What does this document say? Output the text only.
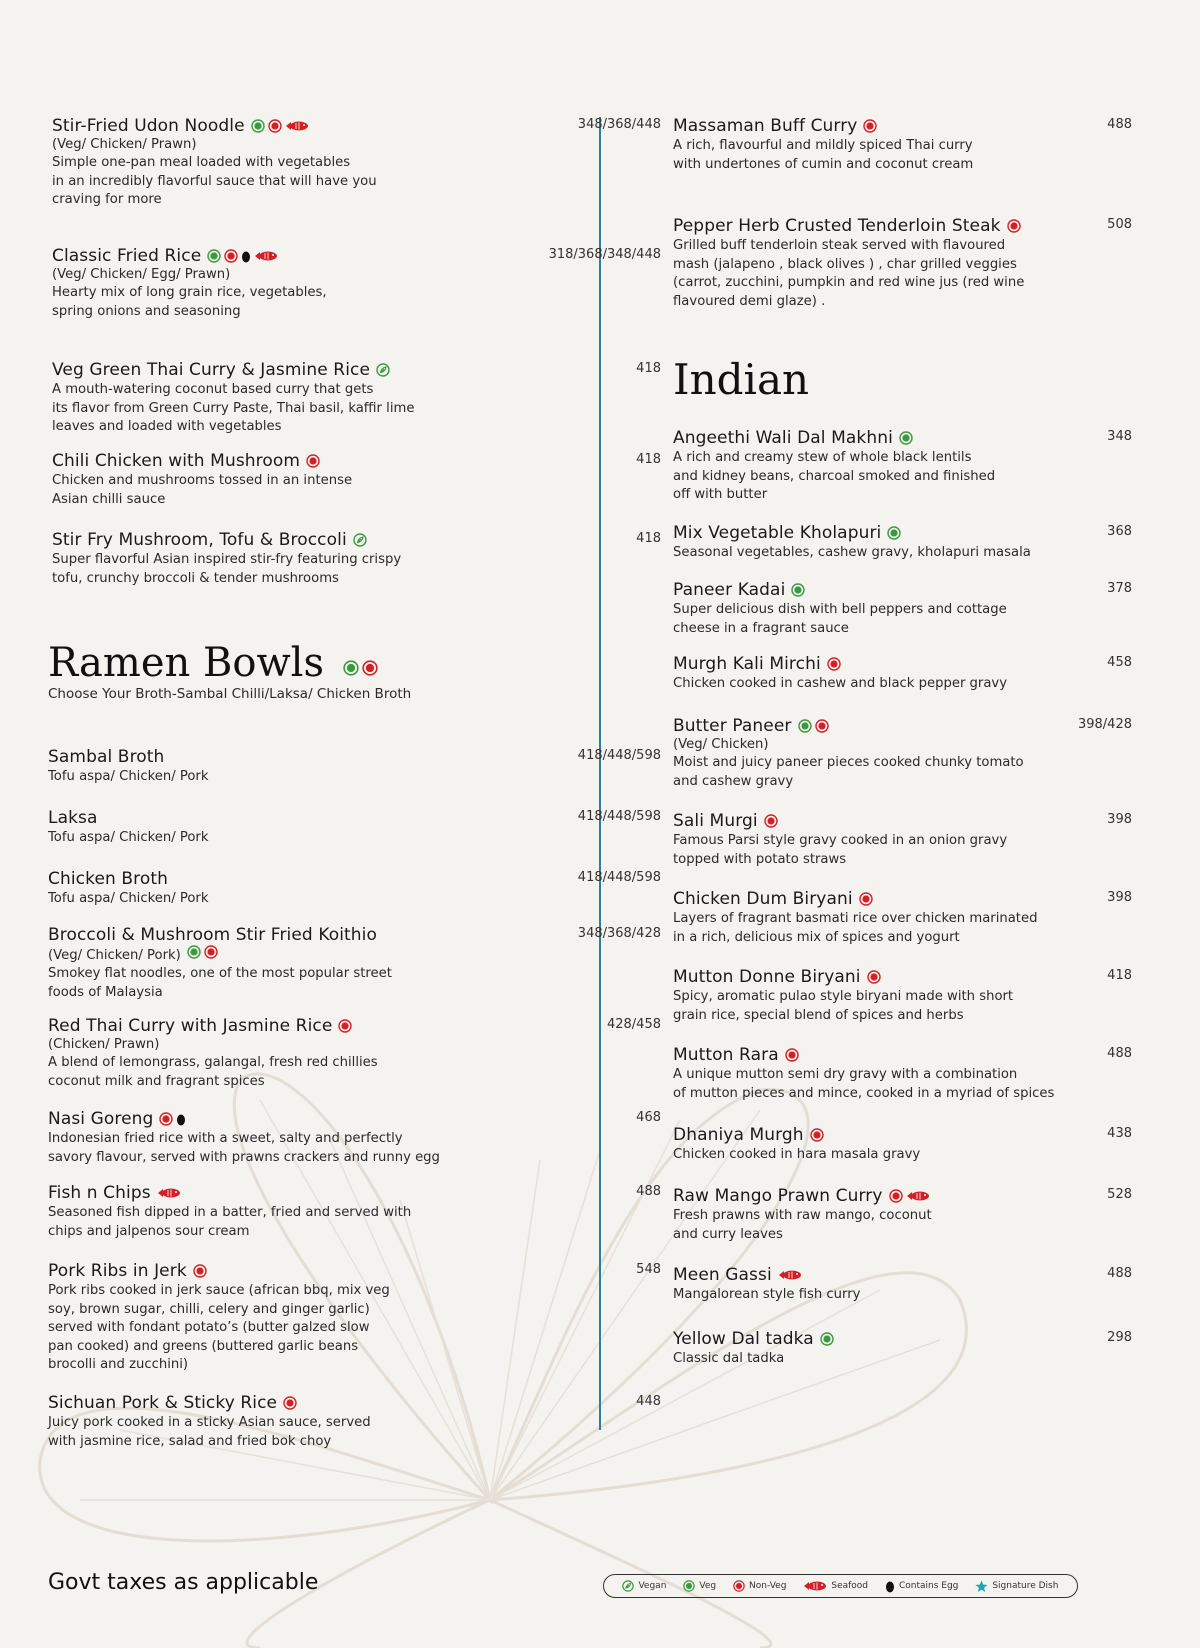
Stir-Fried Udon Noodle	348/368/448
(Veg/ Chicken/ Prawn)
Simple one-pan meal loaded with vegetables
in an incredibly flavorful sauce that will have you
craving for more
Classic Fried Rice	318/368/348/448
(Veg/ Chicken/ Egg/ Prawn)
Hearty mix of long grain rice, vegetables,
spring onions and seasoning
Veg Green Thai Curry & Jasmine Rice	418
A mouth-watering coconut based curry that gets
its flavor from Green Curry Paste, Thai basil, kaffir lime
leaves and loaded with vegetables
Chili Chicken with Mushroom	418
Chicken and mushrooms tossed in an intense
Asian chilli sauce
Stir Fry Mushroom, Tofu & Broccoli	418
Super flavorful Asian inspired stir-fry featuring crispy
tofu, crunchy broccoli & tender mushrooms
Ramen Bowls
Choose Your Broth-Sambal Chilli/Laksa/ Chicken Broth
Sambal Broth	418/448/598
Tofu aspa/ Chicken/ Pork
Laksa	418/448/598
Tofu aspa/ Chicken/ Pork
Chicken Broth	418/448/598
Tofu aspa/ Chicken/ Pork
Broccoli & Mushroom Stir Fried Koithio	348/368/428
(Veg/ Chicken/ Pork)
Smokey flat noodles, one of the most popular street
foods of Malaysia
Red Thai Curry with Jasmine Rice	428/458
(Chicken/ Prawn)
A blend of lemongrass, galangal, fresh red chillies
coconut milk and fragrant spices
Nasi Goreng	468
Indonesian fried rice with a sweet, salty and perfectly
savory flavour, served with prawns crackers and runny egg
Fish n Chips	488
Seasoned fish dipped in a batter, fried and served with
chips and jalpenos sour cream
Pork Ribs in Jerk	548
Pork ribs cooked in jerk sauce (african bbq, mix veg
soy, brown sugar, chilli, celery and ginger garlic)
served with fondant potato’s (butter galzed slow
pan cooked) and greens (buttered garlic beans
brocolli and zucchini)
Sichuan Pork & Sticky Rice	448
Juicy pork cooked in a sticky Asian sauce, served
with jasmine rice, salad and fried bok choy
Massaman Buff Curry	488
A rich, flavourful and mildly spiced Thai curry
with undertones of cumin and coconut cream
Pepper Herb Crusted Tenderloin Steak	508
Grilled buff tenderloin steak served with flavoured
mash (jalapeno , black olives ) , char grilled veggies
(carrot, zucchini, pumpkin and red wine jus (red wine
flavoured demi glaze) .
Indian
Angeethi Wali Dal Makhni	348
A rich and creamy stew of whole black lentils
and kidney beans, charcoal smoked and finished
off with butter
Mix Vegetable Kholapuri	368
Seasonal vegetables, cashew gravy, kholapuri masala
Paneer Kadai	378
Super delicious dish with bell peppers and cottage
cheese in a fragrant sauce
Murgh Kali Mirchi	458
Chicken cooked in cashew and black pepper gravy
Butter Paneer	398/428
(Veg/ Chicken)
Moist and juicy paneer pieces cooked chunky tomato
and cashew gravy
Sali Murgi	398
Famous Parsi style gravy cooked in an onion gravy
topped with potato straws
Chicken Dum Biryani	398
Layers of fragrant basmati rice over chicken marinated
in a rich, delicious mix of spices and yogurt
Mutton Donne Biryani	418
Spicy, aromatic pulao style biryani made with short
grain rice, special blend of spices and herbs
Mutton Rara	488
A unique mutton semi dry gravy with a combination
of mutton pieces and mince, cooked in a myriad of spices
Dhaniya Murgh	438
Chicken cooked in hara masala gravy
Raw Mango Prawn Curry	528
Fresh prawns with raw mango, coconut
and curry leaves
Meen Gassi	488
Mangalorean style fish curry
Yellow Dal tadka	298
Classic dal tadka
Govt taxes as applicable	Vegan	Veg	Non-Veg	Seafood	Contains Egg	Signature Dish
